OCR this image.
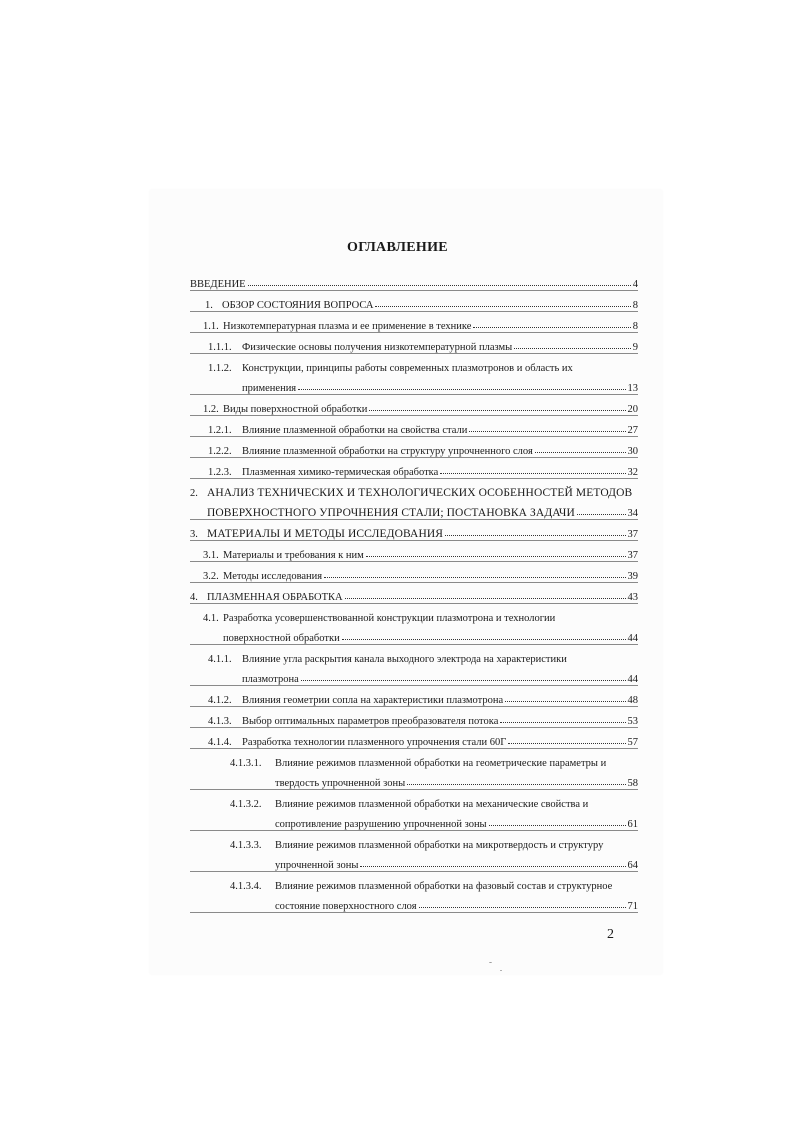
ОГЛАВЛЕНИЕ
ВВЕДЕНИЕ	4
1. ОБЗОР СОСТОЯНИЯ ВОПРОСА	8
1.1. Низкотемпературная плазма и ее применение в технике	8
1.1.1. Физические основы получения низкотемпературной плазмы	9
1.1.2. Конструкции, принципы работы современных плазмотронов и область их
применения	13
1.2. Виды поверхностной обработки	20
1.2.1. Влияние плазменной обработки на свойства стали	27
1.2.2. Влияние плазменной обработки на структуру упрочненного слоя	30
1.2.3. Плазменная химико-термическая обработка	32
2. АНАЛИЗ ТЕХНИЧЕСКИХ И ТЕХНОЛОГИЧЕСКИХ ОСОБЕННОСТЕЙ МЕТОДОВ
ПОВЕРХНОСТНОГО УПРОЧНЕНИЯ СТАЛИ; ПОСТАНОВКА ЗАДАЧИ	34
3. МАТЕРИАЛЫ И МЕТОДЫ ИССЛЕДОВАНИЯ	37
3.1. Материалы и требования к ним	37
3.2. Методы исследования	39
4. ПЛАЗМЕННАЯ ОБРАБОТКА	43
4.1. Разработка усовершенствованной конструкции плазмотрона и технологии
поверхностной обработки	44
4.1.1. Влияние угла раскрытия канала выходного электрода на характеристики
плазмотрона	44
4.1.2. Влияния геометрии сопла на характеристики плазмотрона	48
4.1.3. Выбор оптимальных параметров преобразователя потока	53
4.1.4. Разработка технологии плазменного упрочнения стали 60Г	57
4.1.3.1.	Влияние режимов плазменной обработки на геометрические параметры и
твердость упрочненной зоны	58
4.1.3.2.	Влияние режимов плазменной обработки на механические свойства и
сопротивление разрушению упрочненной зоны	61
4.1.3.3.	Влияние режимов плазменной обработки на микротвердость и структуру
упрочненной зоны	64
4.1.3.4.	Влияние режимов плазменной обработки на фазовый состав и структурное
состояние поверхностного слоя	71
2
